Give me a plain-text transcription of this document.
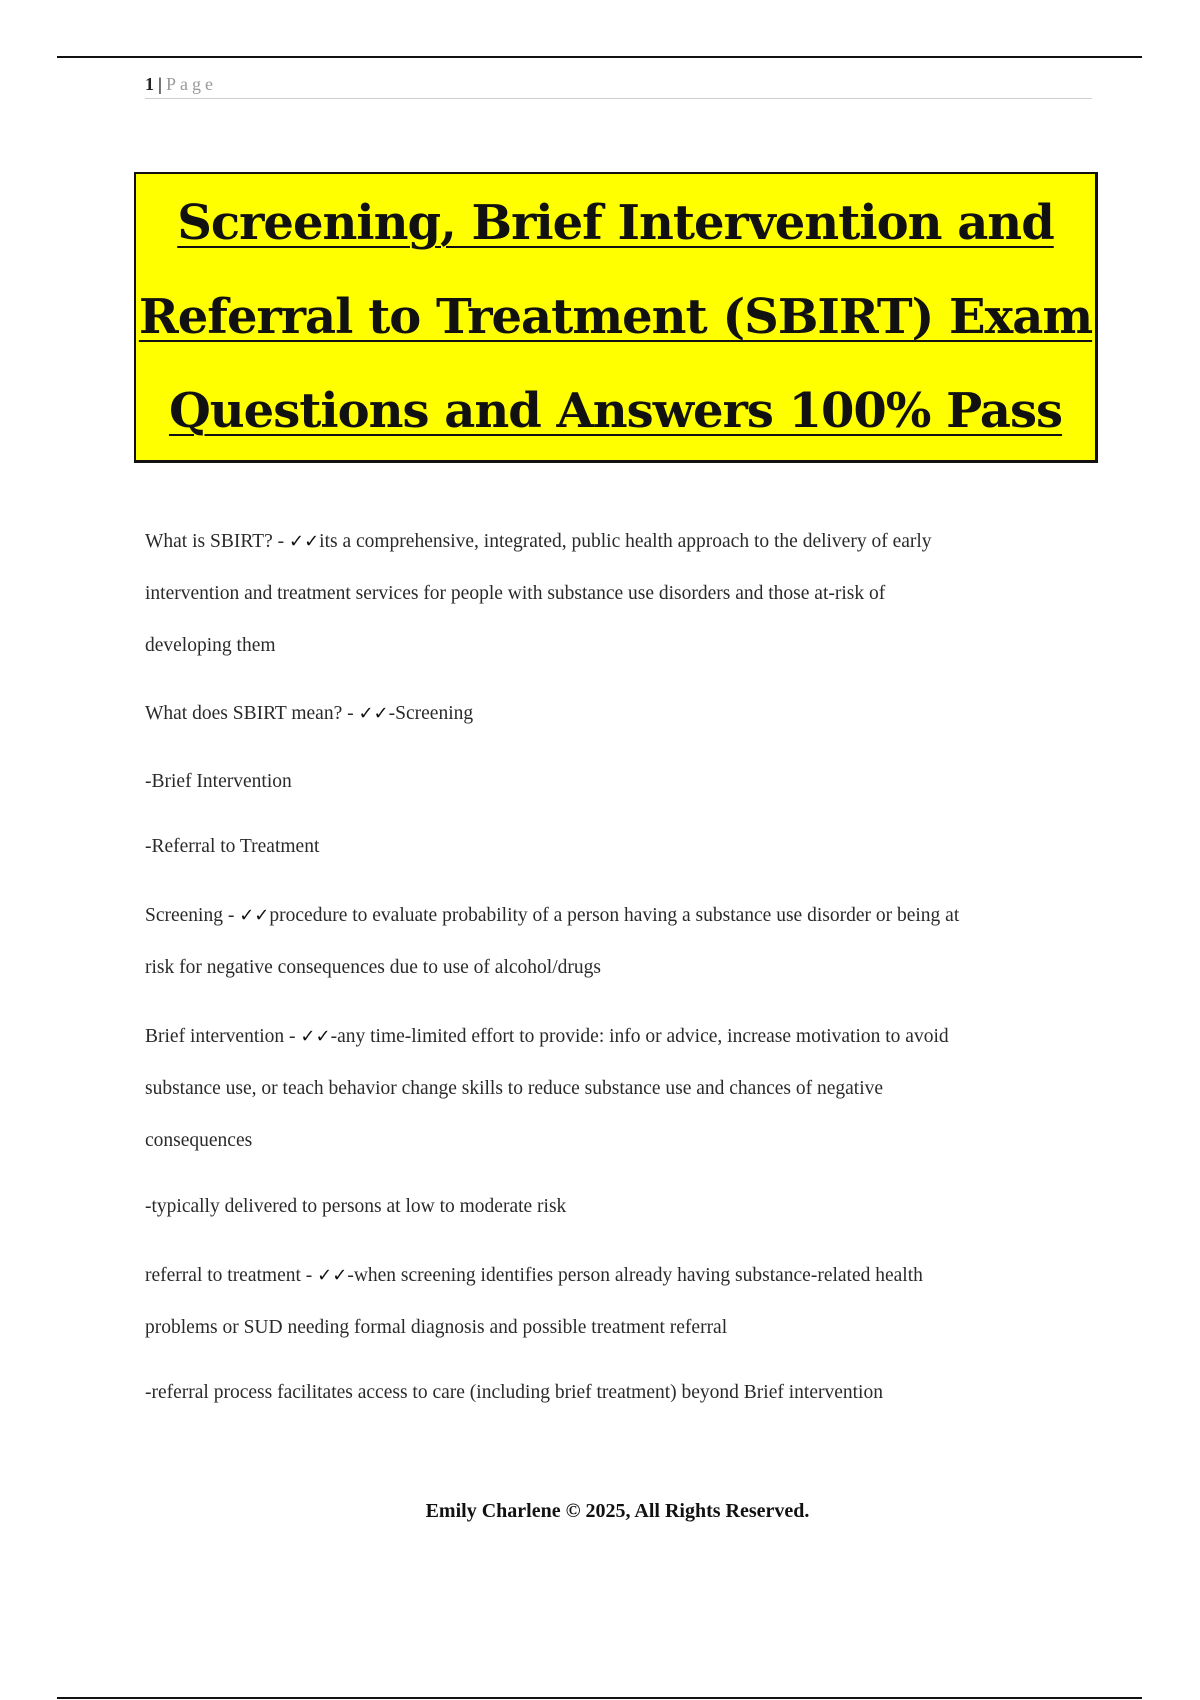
1 | Page
Screening, Brief Intervention and
Referral to Treatment (SBIRT) Exam
Questions and Answers 100% Pass

What is SBIRT? - ✓✓its a comprehensive, integrated, public health approach to the delivery of early

intervention and treatment services for people with substance use disorders and those at-risk of

developing them

What does SBIRT mean? - ✓✓-Screening

-Brief Intervention

-Referral to Treatment

Screening - ✓✓procedure to evaluate probability of a person having a substance use disorder or being at

risk for negative consequences due to use of alcohol/drugs

Brief intervention - ✓✓-any time-limited effort to provide: info or advice, increase motivation to avoid

substance use, or teach behavior change skills to reduce substance use and chances of negative

consequences

-typically delivered to persons at low to moderate risk

referral to treatment - ✓✓-when screening identifies person already having substance-related health

problems or SUD needing formal diagnosis and possible treatment referral

-referral process facilitates access to care (including brief treatment) beyond Brief intervention

Emily Charlene © 2025, All Rights Reserved.
